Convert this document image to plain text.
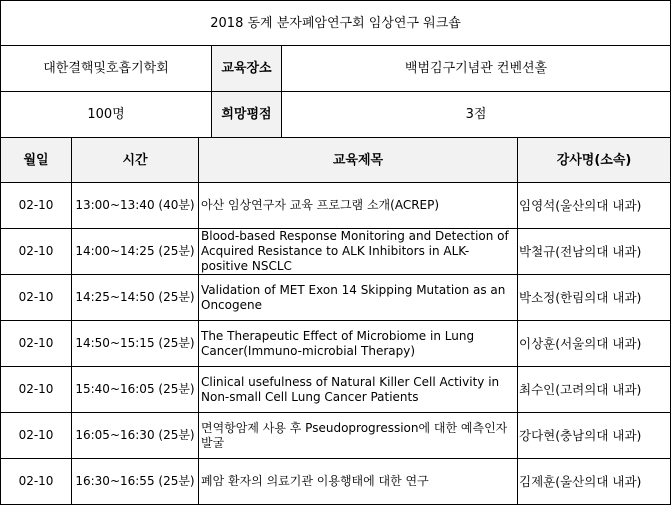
2018 동계 분자폐암연구회 임상연구 워크숍					
대한결핵및호흡기학회			교육장소	백범김구기념관 컨벤션홀	
100명			희망평점	3점	
월일	시간	교육제목			강사명(소속)
02-10	13:00~13:40 (40분)	아산 임상연구자 교육 프로그램 소개(ACREP)			임영석(울산의대 내과)
02-10	14:00~14:25 (25분)	Blood-based Response Monitoring and Detection of Acquired Resistance to ALK Inhibitors in ALK-positive NSCLC			박철규(전남의대 내과)
02-10	14:25~14:50 (25분)	Validation of MET Exon 14 Skipping Mutation as an Oncogene			박소정(한림의대 내과)
02-10	14:50~15:15 (25분)	The Therapeutic Effect of Microbiome in Lung Cancer(Immuno-microbial Therapy)			이상훈(서울의대 내과)
02-10	15:40~16:05 (25분)	Clinical usefulness of Natural Killer Cell Activity in Non-small Cell Lung Cancer Patients			최수인(고려의대 내과)
02-10	16:05~16:30 (25분)	면역항암제 사용 후 Pseudoprogression에 대한 예측인자 발굴			강다현(충남의대 내과)
02-10	16:30~16:55 (25분)	폐암 환자의 의료기관 이용행태에 대한 연구			김제훈(울산의대 내과)
